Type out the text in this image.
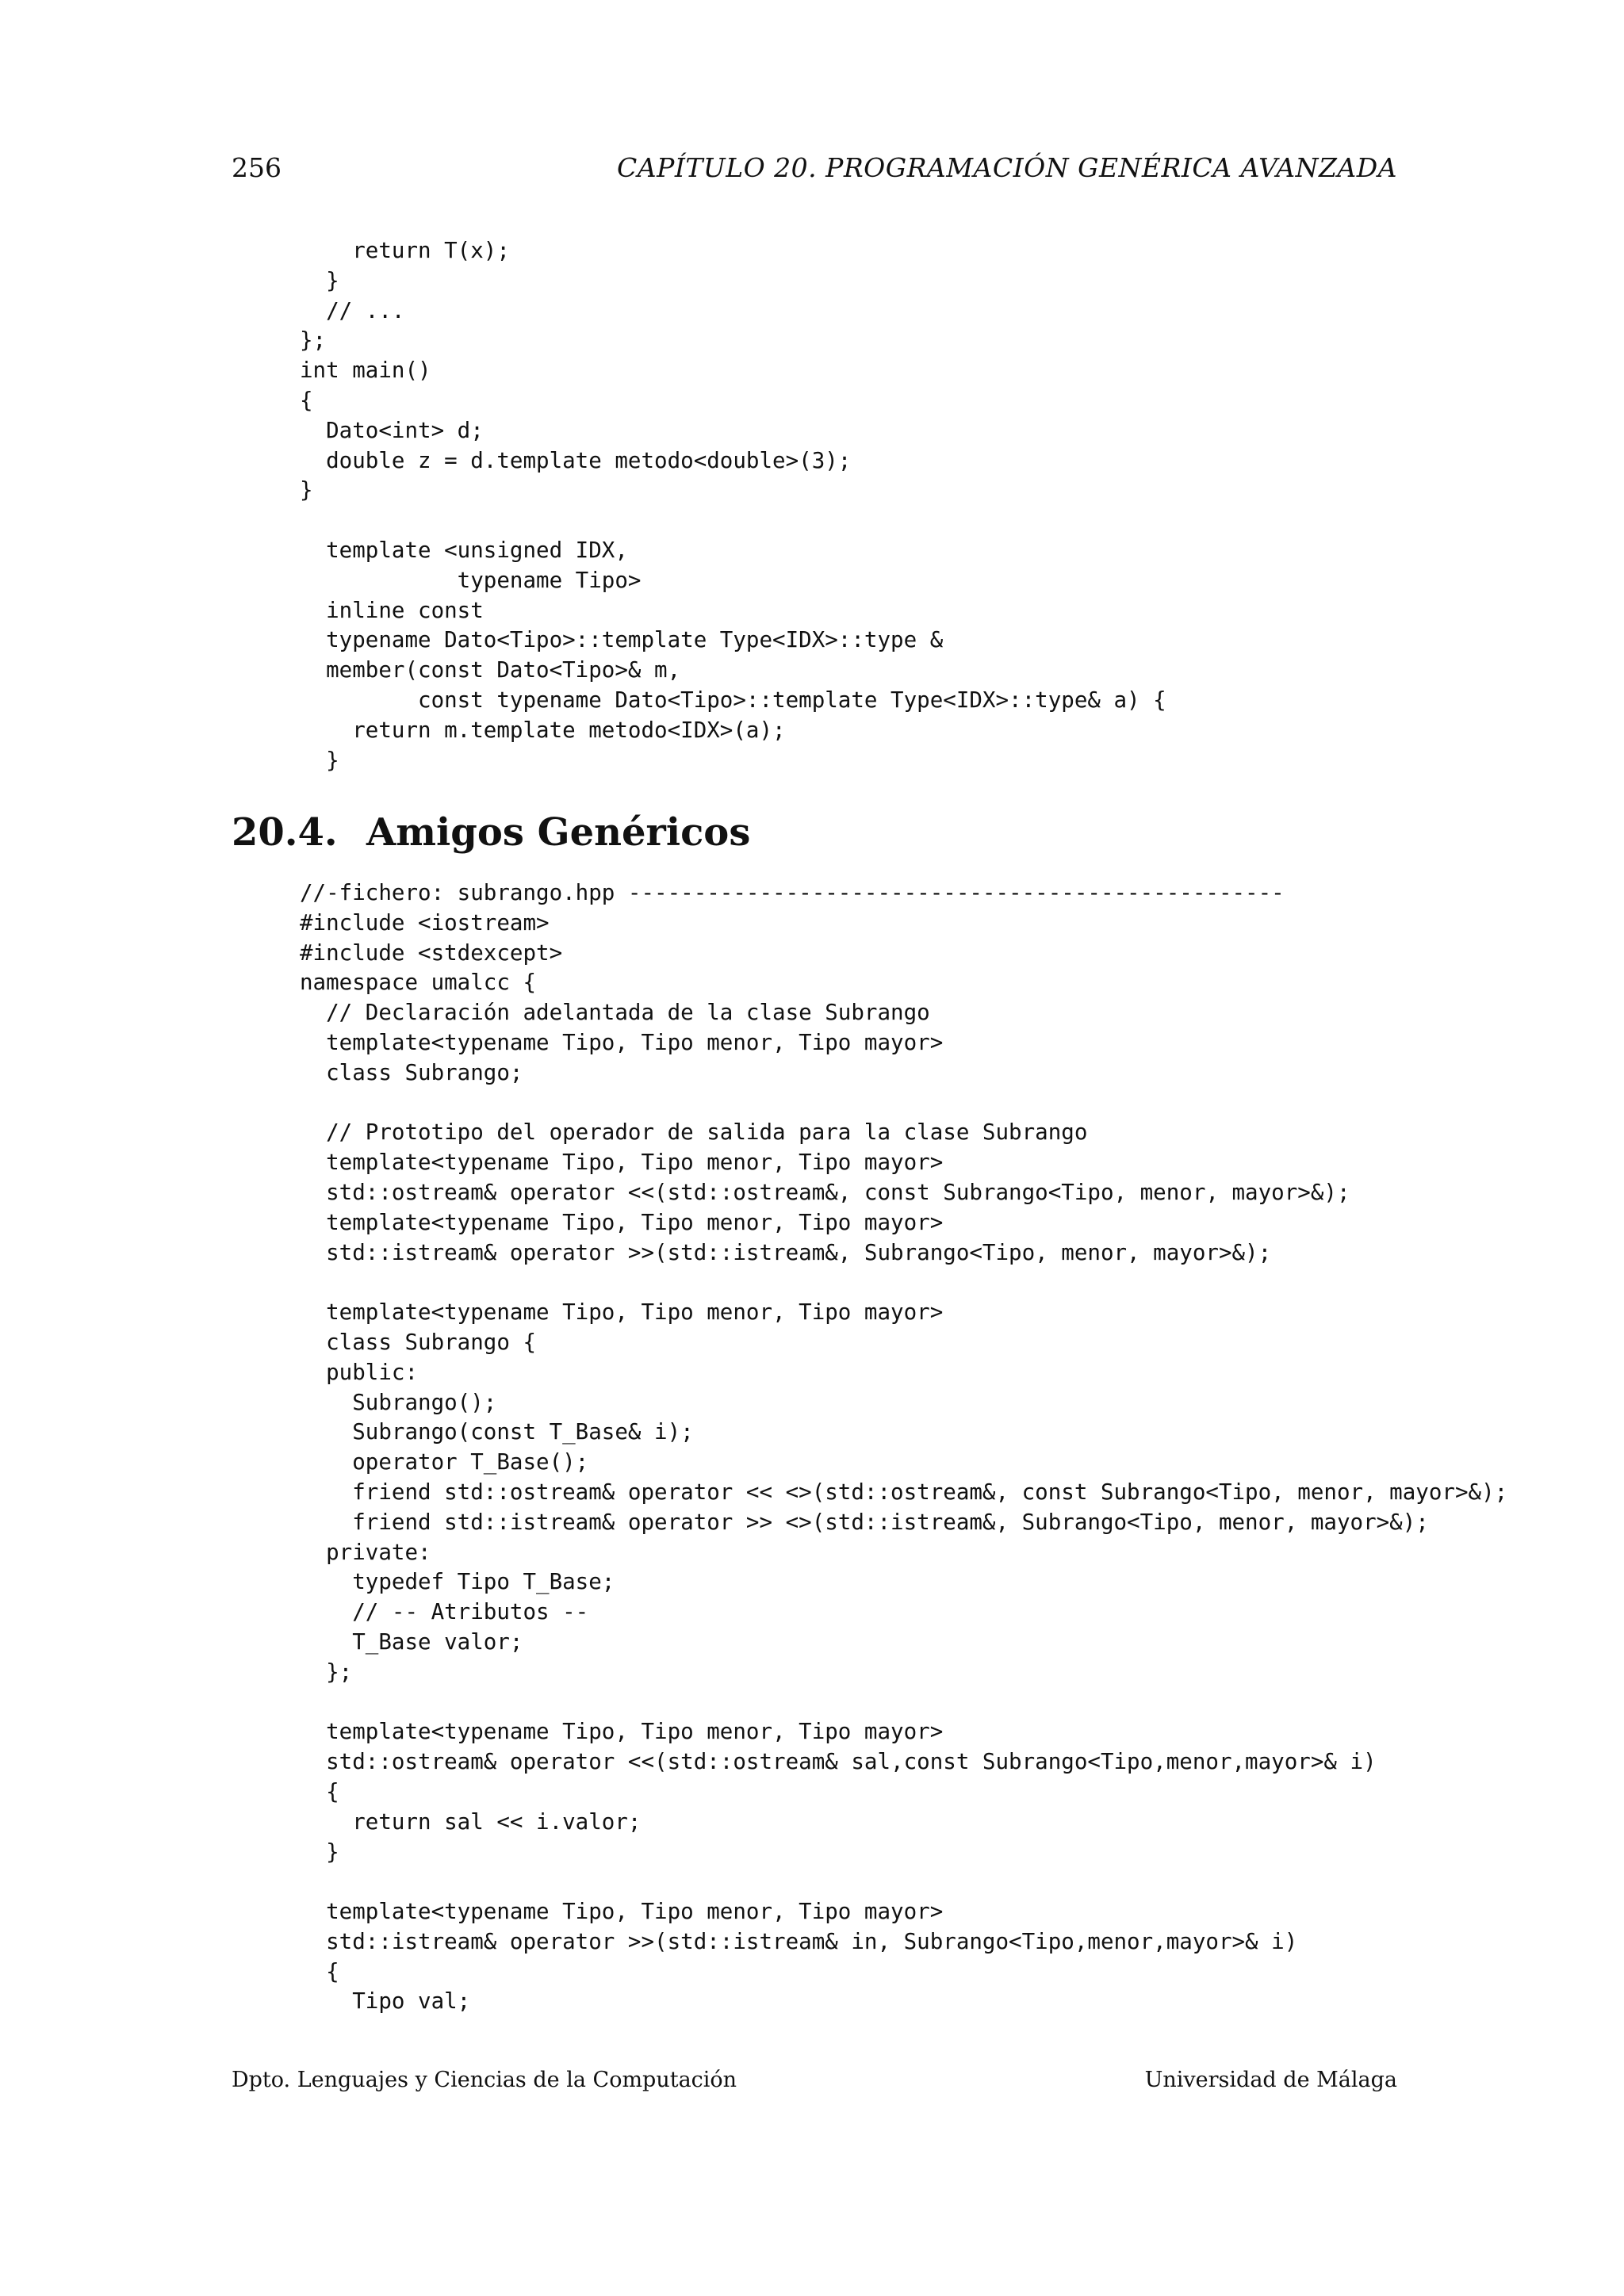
256	CAPÍTULO 20. PROGRAMACIÓN GENÉRICA AVANZADA
return T(x);
}
// ...
};
int main()
{
Dato<int> d;
double z = d.template metodo<double>(3);
}
template <unsigned IDX,
typename Tipo>
inline const
typename Dato<Tipo>::template Type<IDX>::type &
member(const Dato<Tipo>& m,
const typename Dato<Tipo>::template Type<IDX>::type& a) {
return m.template metodo<IDX>(a);
}
20.4. Amigos Genéricos
//-fichero: subrango.hpp --------------------------------------------------
#include <iostream>
#include <stdexcept>
namespace umalcc {
// Declaración adelantada de la clase Subrango
template<typename Tipo, Tipo menor, Tipo mayor>
class Subrango;
// Prototipo del operador de salida para la clase Subrango
template<typename Tipo, Tipo menor, Tipo mayor>
std::ostream& operator <<(std::ostream&, const Subrango<Tipo, menor, mayor>&);
template<typename Tipo, Tipo menor, Tipo mayor>
std::istream& operator >>(std::istream&, Subrango<Tipo, menor, mayor>&);
template<typename Tipo, Tipo menor, Tipo mayor>
class Subrango {
public:
Subrango();
Subrango(const T_Base& i);
operator T_Base();
friend std::ostream& operator << <>(std::ostream&, const Subrango<Tipo, menor, mayor>&);
friend std::istream& operator >> <>(std::istream&, Subrango<Tipo, menor, mayor>&);
private:
typedef Tipo T_Base;
// -- Atributos --
T_Base valor;
};
template<typename Tipo, Tipo menor, Tipo mayor>
std::ostream& operator <<(std::ostream& sal,const Subrango<Tipo,menor,mayor>& i)
{
return sal << i.valor;
}
template<typename Tipo, Tipo menor, Tipo mayor>
std::istream& operator >>(std::istream& in, Subrango<Tipo,menor,mayor>& i)
{
Tipo val;
Dpto. Lenguajes y Ciencias de la Computación	Universidad de Málaga
